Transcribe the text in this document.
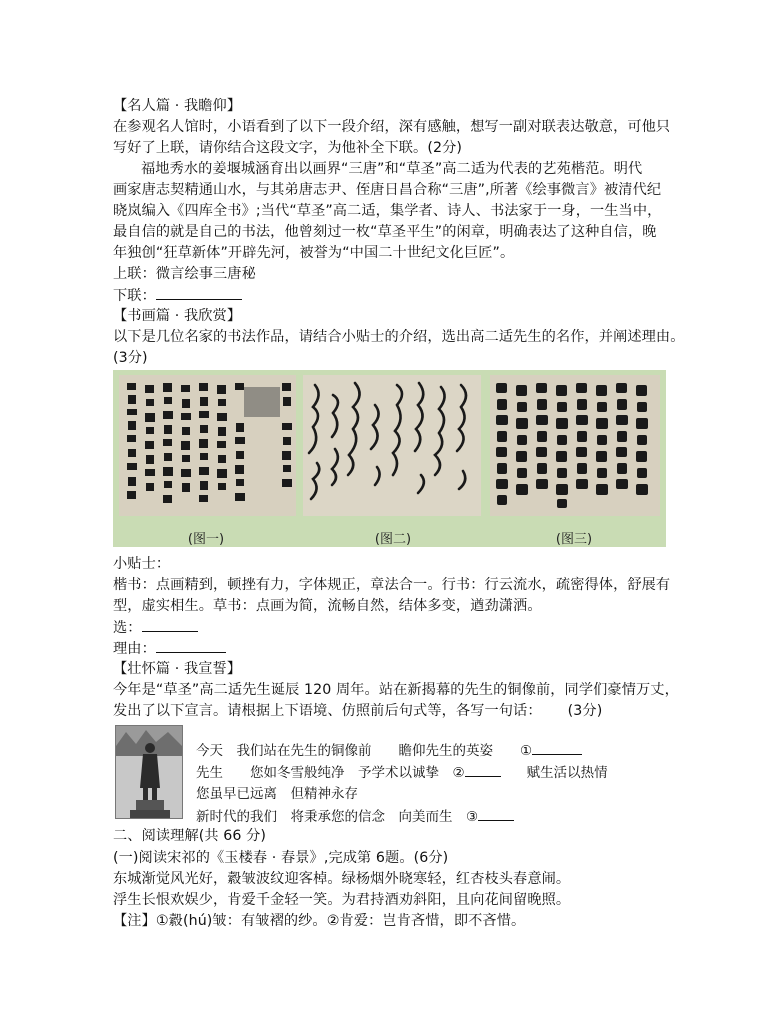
【名人篇 · 我瞻仰】
在参观名人馆时，小语看到了以下一段介绍，深有感触，想写一副对联表达敬意，可他只
写好了上联，请你结合这段文字，为他补全下联。(2分)
福地秀水的姜堰城涵育出以画界“三唐”和“草圣”高二适为代表的艺苑楷范。明代
画家唐志契精通山水，与其弟唐志尹、侄唐日昌合称“三唐”,所著《绘事微言》被清代纪
晓岚编入《四库全书》;当代“草圣”高二适，集学者、诗人、书法家于一身，一生当中，
最自信的就是自己的书法，他曾刻过一枚“草圣平生”的闲章，明确表达了这种自信，晚
年独创“狂草新体”开辟先河，被誉为“中国二十世纪文化巨匠”。
上联：微言绘事三唐秘
下联：
【书画篇 · 我欣赏】
以下是几位名家的书法作品，请结合小贴士的介绍，选出高二适先生的名作，并阐述理由。
(3分)
(图一)	(图二)	(图三)
小贴士：
楷书：点画精到，顿挫有力，字体规正，章法合一。行书：行云流水，疏密得体，舒展有
型，虚实相生。草书：点画为简，流畅自然，结体多变，遒劲潇洒。
选：
理由：
【壮怀篇 · 我宣誓】
今年是“草圣”高二适先生诞辰 120 周年。站在新揭幕的先生的铜像前，同学们豪情万丈，
发出了以下宣言。请根据上下语境、仿照前后句式等，各写一句话： (3分)
今天　我们站在先生的铜像前　　瞻仰先生的英姿　　①
先生　　您如冬雪般纯净　予学术以诚挚　②	赋生活以热情
您虽早已远离　但精神永存
新时代的我们　将秉承您的信念　向美而生　③
二、阅读理解(共 66 分)
(一)阅读宋祁的《玉楼春 · 春景》,完成第 6题。(6分)
东城渐觉风光好，縠皱波纹迎客棹。绿杨烟外晓寒轻，红杏枝头春意闹。
浮生长恨欢娱少，肯爱千金轻一笑。为君持酒劝斜阳，且向花间留晚照。
【注】①縠(hú)皱：有皱褶的纱。②肯爱：岂肯吝惜，即不吝惜。
